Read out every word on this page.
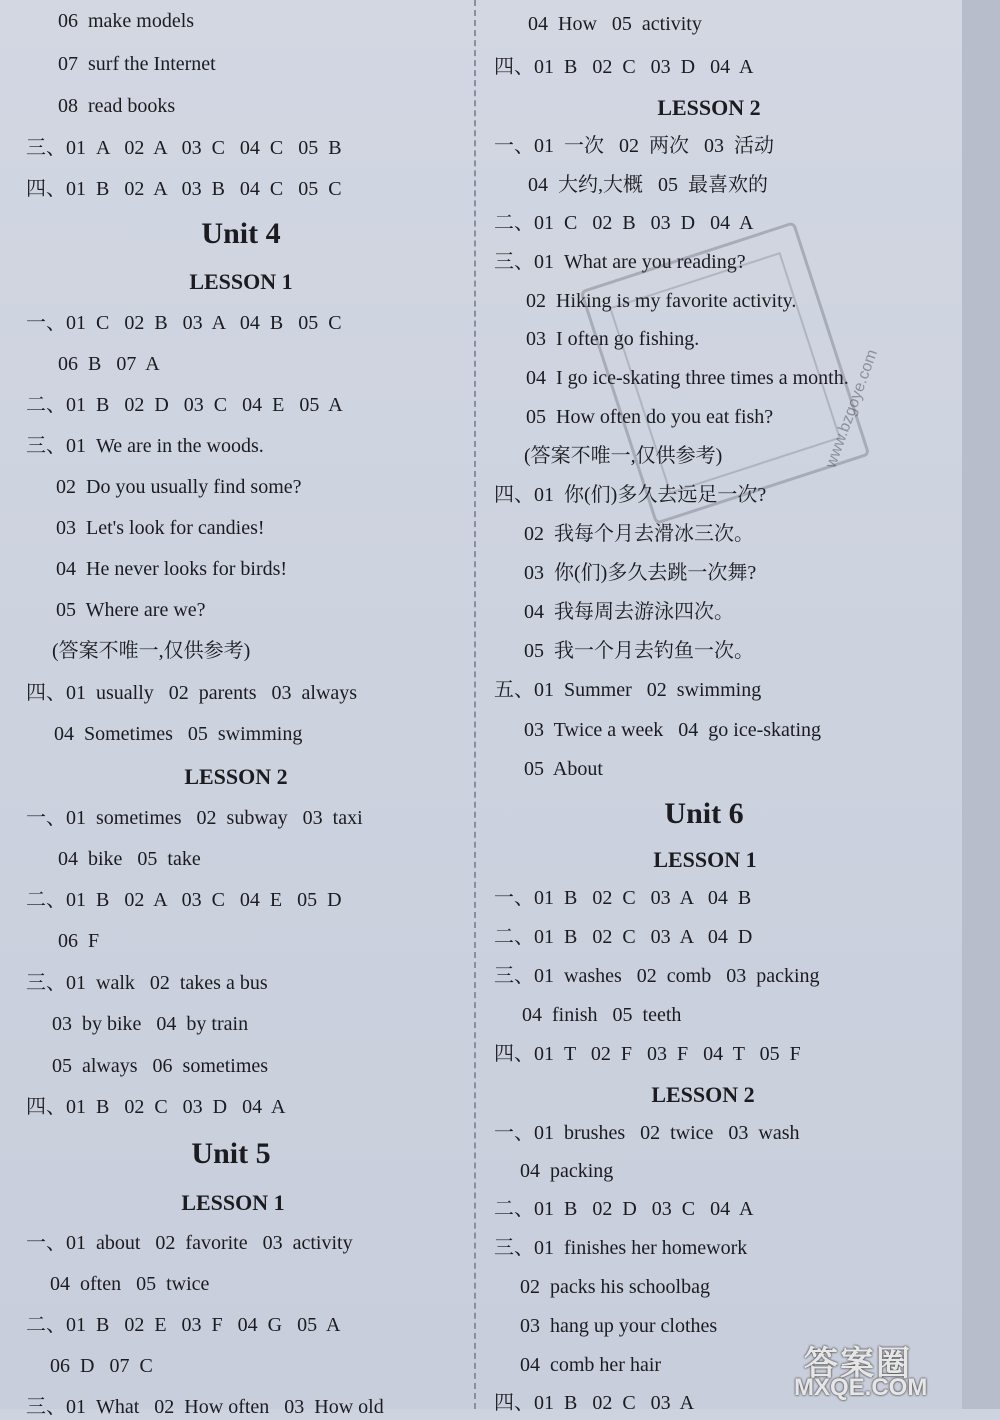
06  make models
07  surf the Internet
08  read books
三、01  A   02  A   03  C   04  C   05  B
四、01  B   02  A   03  B   04  C   05  C
Unit 4
LESSON 1
一、01  C   02  B   03  A   04  B   05  C
06  B   07  A
二、01  B   02  D   03  C   04  E   05  A
三、01  We are in the woods.
02  Do you usually find some?
03  Let's look for candies!
04  He never looks for birds!
05  Where are we?
(答案不唯一,仅供参考)
四、01  usually   02  parents   03  always
04  Sometimes   05  swimming
LESSON 2
一、01  sometimes   02  subway   03  taxi
04  bike   05  take
二、01  B   02  A   03  C   04  E   05  D
06  F
三、01  walk   02  takes a bus
03  by bike   04  by train
05  always   06  sometimes
四、01  B   02  C   03  D   04  A
Unit 5
LESSON 1
一、01  about   02  favorite   03  activity
04  often   05  twice
二、01  B   02  E   03  F   04  G   05  A
06  D   07  C
三、01  What   02  How often   03  How old
04  How   05  activity
四、01  B   02  C   03  D   04  A
LESSON 2
一、01  一次   02  两次   03  活动
04  大约,大概   05  最喜欢的
二、01  C   02  B   03  D   04  A
三、01  What are you reading?
02  Hiking is my favorite activity.
03  I often go fishing.
04  I go ice-skating three times a month.
05  How often do you eat fish?
(答案不唯一,仅供参考)
四、01  你(们)多久去远足一次?
02  我每个月去滑冰三次。
03  你(们)多久去跳一次舞?
04  我每周去游泳四次。
05  我一个月去钓鱼一次。
五、01  Summer   02  swimming
03  Twice a week   04  go ice-skating
05  About
Unit 6
LESSON 1
一、01  B   02  C   03  A   04  B
二、01  B   02  C   03  A   04  D
三、01  washes   02  comb   03  packing
04  finish   05  teeth
四、01  T   02  F   03  F   04  T   05  F
LESSON 2
一、01  brushes   02  twice   03  wash
04  packing
二、01  B   02  D   03  C   04  A
三、01  finishes her homework
02  packs his schoolbag
03  hang up your clothes
04  comb her hair
四、01  B   02  C   03  A
www.bzgoye.com
答案圈
MXQE.COM
